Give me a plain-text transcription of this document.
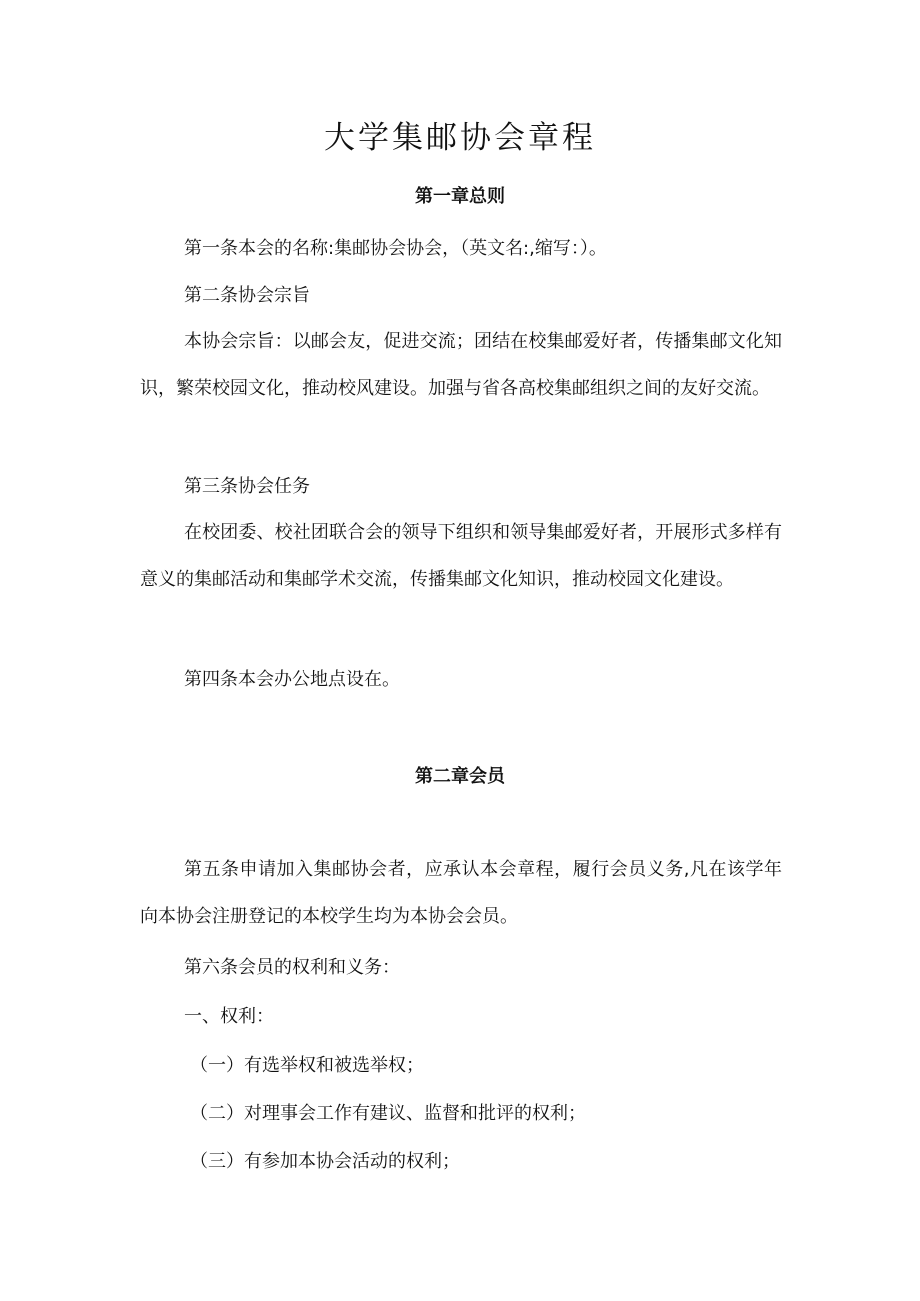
大学集邮协会章程
第一章总则
第一条本会的名称:集邮协会协会，（英文名:,缩写：）。
第二条协会宗旨
本协会宗旨：以邮会友，促进交流；团结在校集邮爱好者，传播集邮文化知识，繁荣校园文化，推动校风建设。加强与省各高校集邮组织之间的友好交流。
第三条协会任务
在校团委、校社团联合会的领导下组织和领导集邮爱好者，开展形式多样有意义的集邮活动和集邮学术交流，传播集邮文化知识，推动校园文化建设。
第四条本会办公地点设在。
第二章会员
第五条申请加入集邮协会者，应承认本会章程，履行会员义务,凡在该学年向本协会注册登记的本校学生均为本协会会员。
第六条会员的权利和义务：
一、权利：
（一）有选举权和被选举权；
（二）对理事会工作有建议、监督和批评的权利；
（三）有参加本协会活动的权利；
